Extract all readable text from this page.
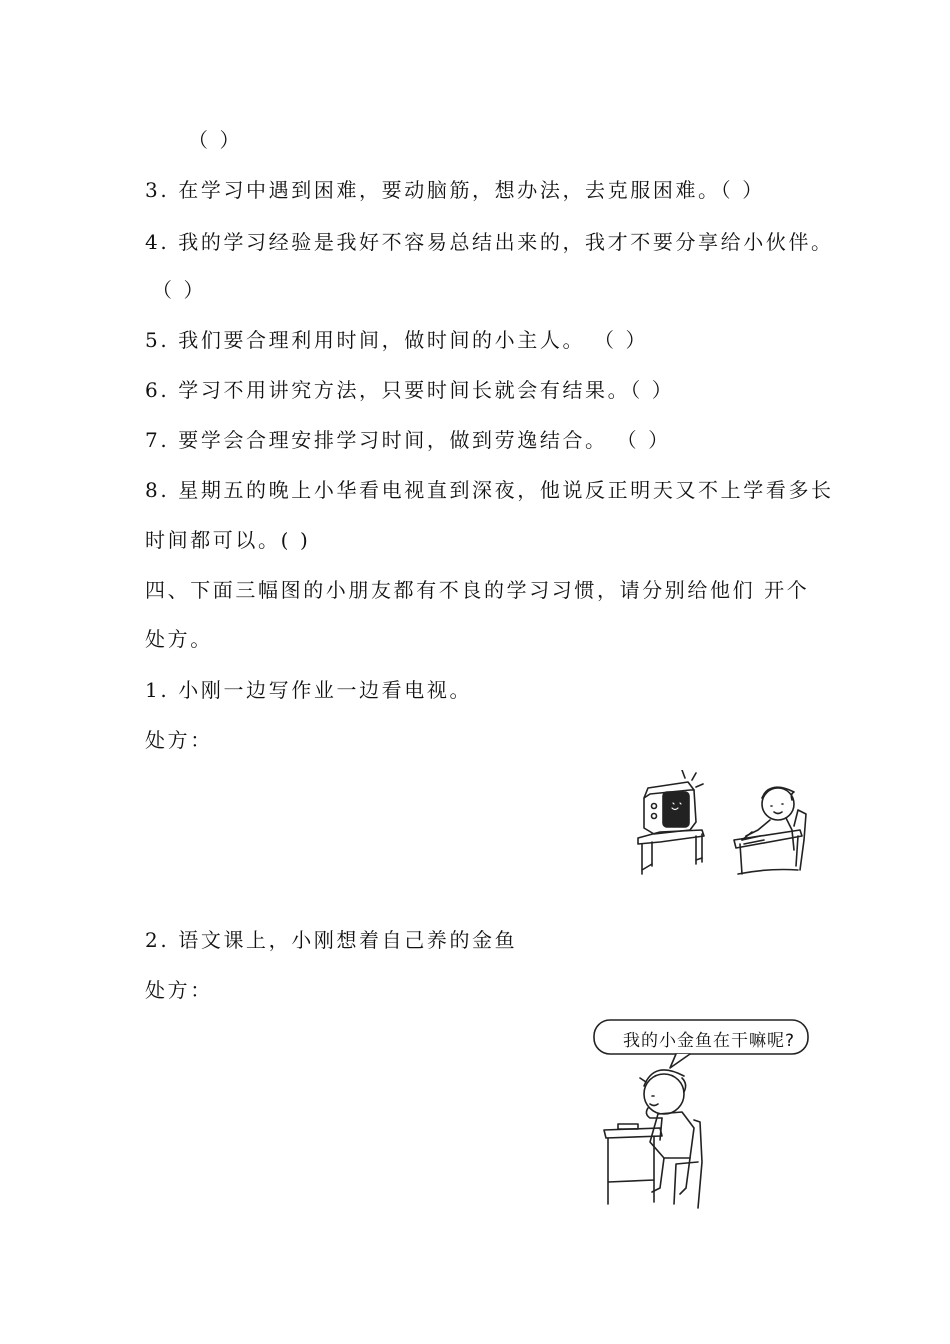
（ ）
3. 在学习中遇到困难，要动脑筋，想办法，去克服困难。（ ）
4. 我的学习经验是我好不容易总结出来的，我才不要分享给小伙伴。
（ ）
5. 我们要合理利用时间，做时间的小主人。 （ ）
6. 学习不用讲究方法，只要时间长就会有结果。（ ）
7. 要学会合理安排学习时间，做到劳逸结合。 （ ）
8. 星期五的晚上小华看电视直到深夜，他说反正明天又不上学看多长
时间都可以。( )
四、下面三幅图的小朋友都有不良的学习习惯，请分别给他们 开个
处方。
1. 小刚一边写作业一边看电视。
处方：
2. 语文课上，小刚想着自己养的金鱼
处方：
我的小金鱼在干嘛呢?
